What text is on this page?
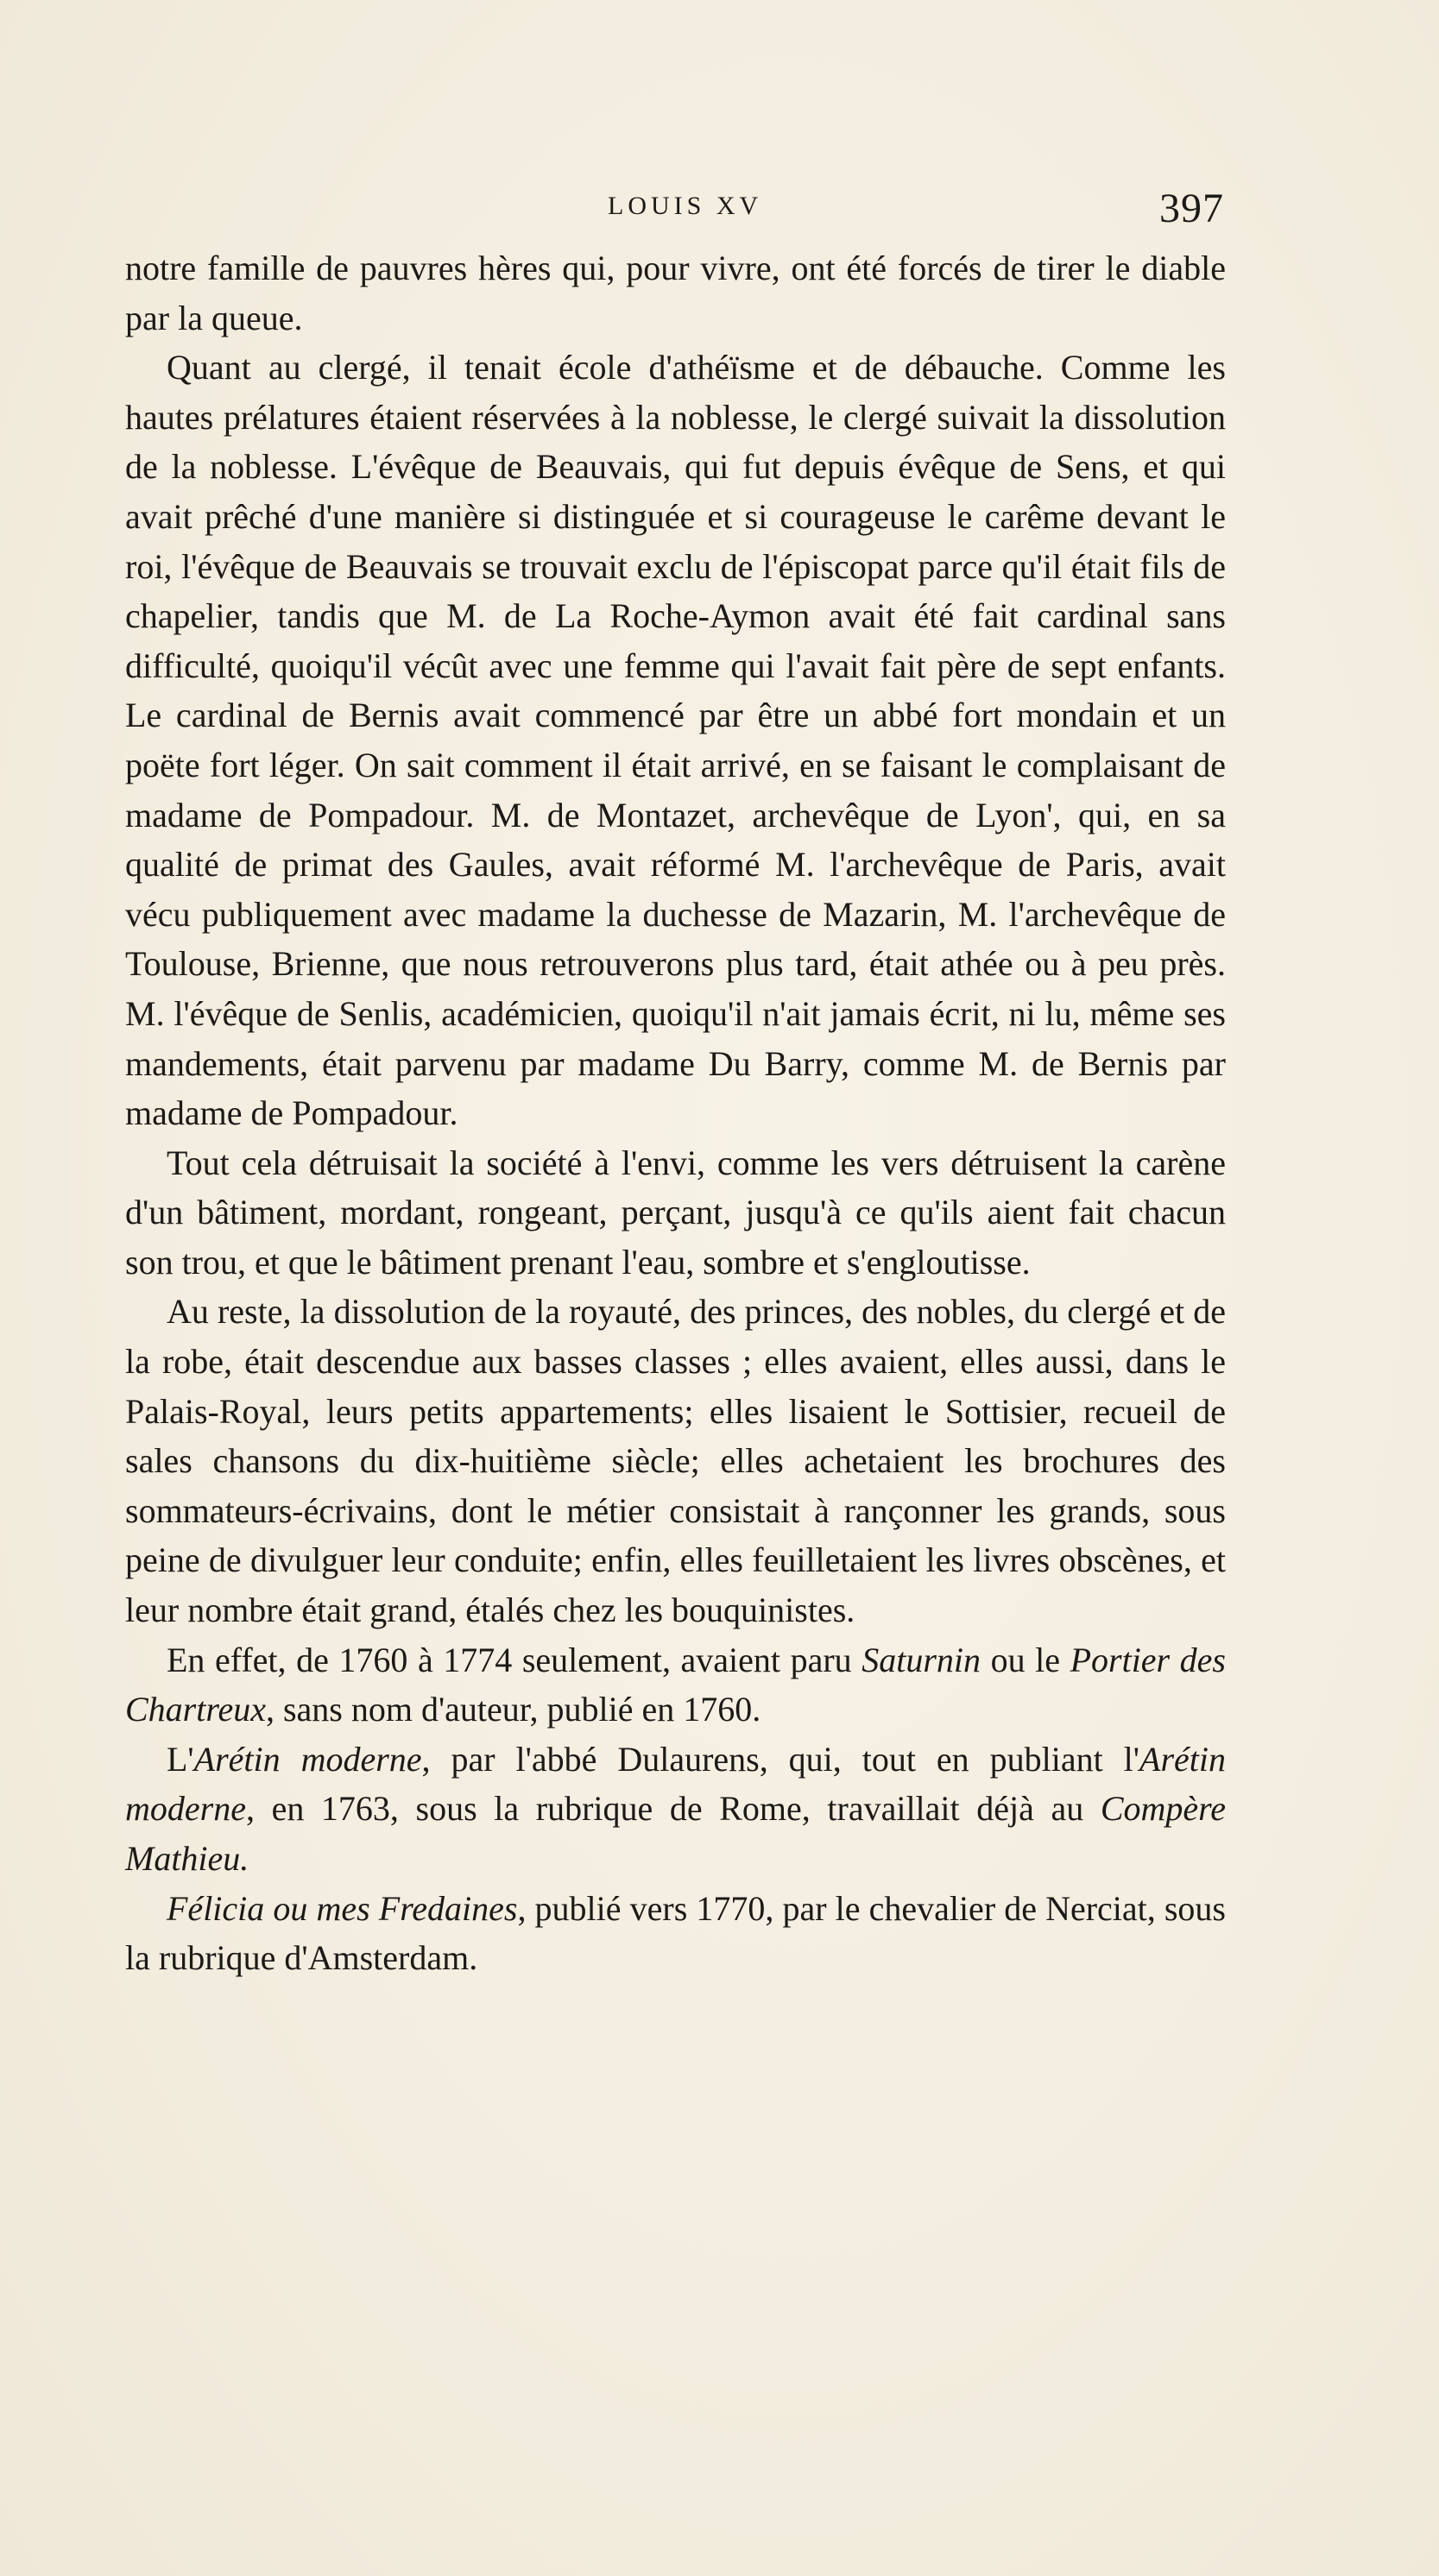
LOUIS XV	397

notre famille de pauvres hères qui, pour vivre, ont été forcés de tirer le diable par la queue.

Quant au clergé, il tenait école d'athéïsme et de débauche. Comme les hautes prélatures étaient réservées à la noblesse, le clergé suivait la dissolution de la noblesse. L'évêque de Beauvais, qui fut depuis évêque de Sens, et qui avait prêché d'une manière si distinguée et si courageuse le carême devant le roi, l'évêque de Beauvais se trouvait exclu de l'épiscopat parce qu'il était fils de chapelier, tandis que M. de La Roche-Aymon avait été fait cardinal sans difficulté, quoiqu'il vécût avec une femme qui l'avait fait père de sept enfants. Le cardinal de Bernis avait commencé par être un abbé fort mondain et un poëte fort léger. On sait comment il était arrivé, en se faisant le complaisant de madame de Pompadour. M. de Montazet, archevêque de Lyon', qui, en sa qualité de primat des Gaules, avait réformé M. l'archevêque de Paris, avait vécu publiquement avec madame la duchesse de Mazarin, M. l'archevêque de Toulouse, Brienne, que nous retrouverons plus tard, était athée ou à peu près. M. l'évêque de Senlis, académicien, quoiqu'il n'ait jamais écrit, ni lu, même ses mandements, était parvenu par madame Du Barry, comme M. de Bernis par madame de Pompadour.

Tout cela détruisait la société à l'envi, comme les vers détruisent la carène d'un bâtiment, mordant, rongeant, perçant, jusqu'à ce qu'ils aient fait chacun son trou, et que le bâtiment prenant l'eau, sombre et s'engloutisse.

Au reste, la dissolution de la royauté, des princes, des nobles, du clergé et de la robe, était descendue aux basses classes ; elles avaient, elles aussi, dans le Palais-Royal, leurs petits appartements; elles lisaient le Sottisier, recueil de sales chansons du dix-huitième siècle; elles achetaient les brochures des sommateurs-écrivains, dont le métier consistait à rançonner les grands, sous peine de divulguer leur conduite; enfin, elles feuilletaient les livres obscènes, et leur nombre était grand, étalés chez les bouquinistes.

En effet, de 1760 à 1774 seulement, avaient paru Saturnin ou le Portier des Chartreux, sans nom d'auteur, publié en 1760.

L'Arétin moderne, par l'abbé Dulaurens, qui, tout en publiant l'Arétin moderne, en 1763, sous la rubrique de Rome, travaillait déjà au Compère Mathieu.

Félicia ou mes Fredaines, publié vers 1770, par le chevalier de Nerciat, sous la rubrique d'Amsterdam.
